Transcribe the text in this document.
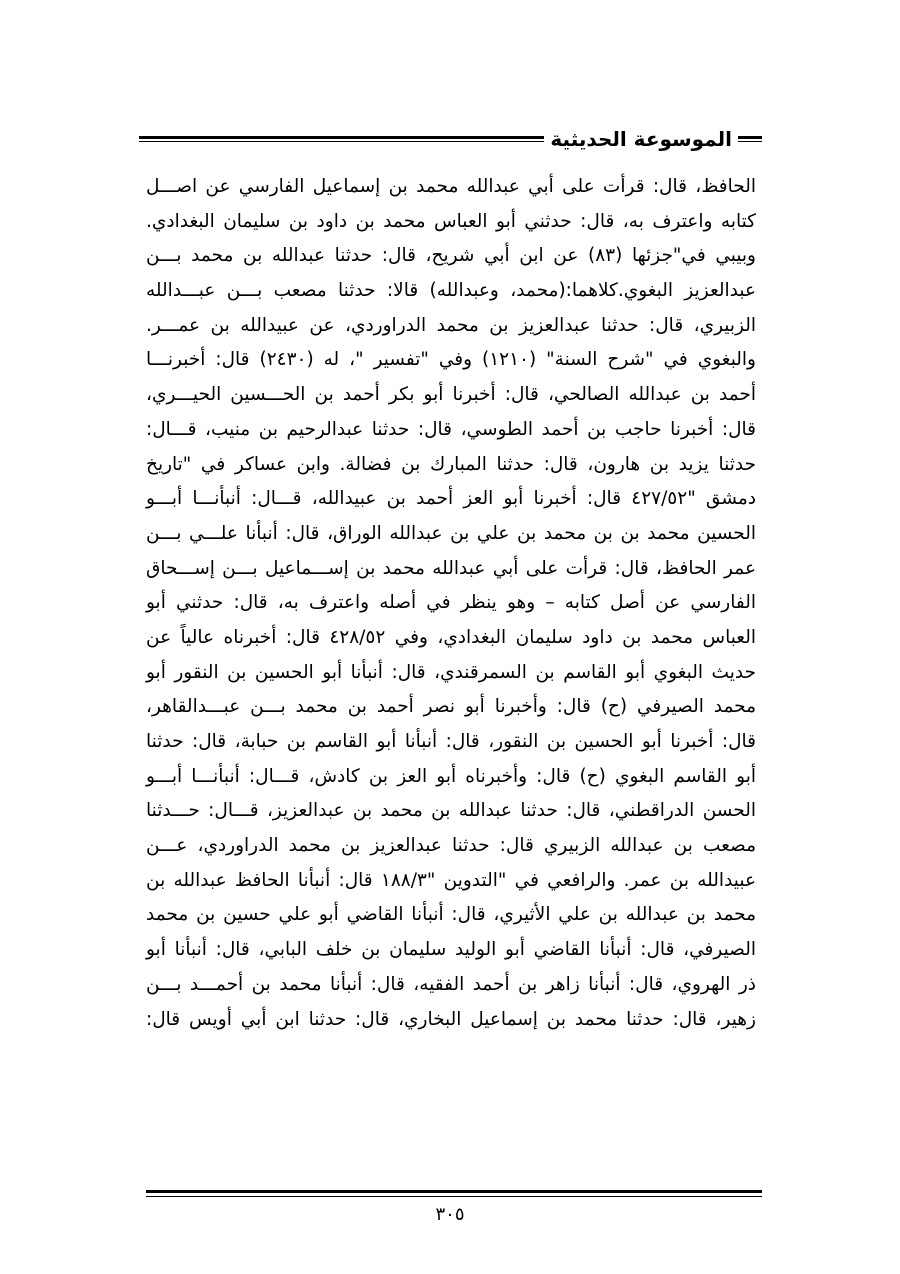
الموسوعة الحديثية
الحافظ، قال: قرأت على أبي عبدالله محمد بن إسماعيل الفارسي عن اصـــل
كتابه واعترف به، قال: حدثني أبو العباس محمد بن داود بن سليمان البغدادي.
وبيبي في"جزئها (٨٣) عن ابن أبي شريح، قال: حدثنا عبدالله بن محمد بـــن
عبدالعزيز البغوي.كلاهما:(محمد، وعبدالله) قالا: حدثنا مصعب بـــن عبـــدالله
الزبيري، قال: حدثنا عبدالعزيز بن محمد الدراوردي، عن عبيدالله بن عمـــر.
والبغوي في "شرح السنة" (١٢١٠) وفي "تفسير "، له (٢٤٣٠) قال: أخبرنـــا
أحمد بن عبدالله الصالحي، قال: أخبرنا أبو بكر أحمد بن الحـــسين الحيـــري،
قال: أخبرنا حاجب بن أحمد الطوسي، قال: حدثنا عبدالرحيم بن منيب، قـــال:
حدثنا يزيد بن هارون، قال: حدثنا المبارك بن فضالة. وابن عساكر في "تاريخ
دمشق "٤٢٧/٥٢ قال: أخبرنا أبو العز أحمد بن عبيدالله، قـــال: أنبأنـــا أبـــو
الحسين محمد بن بن محمد بن علي بن عبدالله الوراق، قال: أنبأنا علـــي بـــن
عمر الحافظ، قال: قرأت على أبي عبدالله محمد بن إســـماعيل بـــن إســـحاق
الفارسي عن أصل كتابه – وهو ينظر في أصله واعترف به، قال: حدثني أبو
العباس محمد بن داود سليمان البغدادي، وفي ٤٢٨/٥٢ قال: أخبرناه عالياً عن
حديث البغوي أبو القاسم بن السمرقندي، قال: أنبأنا أبو الحسين بن النقور أبو
محمد الصيرفي (ح) قال: وأخبرنا أبو نصر أحمد بن محمد بـــن عبـــدالقاهر،
قال: أخبرنا أبو الحسين بن النقور، قال: أنبأنا أبو القاسم بن حبابة، قال: حدثنا
أبو القاسم البغوي (ح) قال: وأخبرناه أبو العز بن كادش، قـــال: أنبأنـــا أبـــو
الحسن الدراقطني، قال: حدثنا عبدالله بن محمد بن عبدالعزيز، قـــال: حـــدثنا
مصعب بن عبدالله الزبيري قال: حدثنا عبدالعزيز بن محمد الدراوردي، عـــن
عبيدالله بن عمر. والرافعي في "التدوين "١٨٨/٣ قال: أنبأنا الحافظ عبدالله بن
محمد بن عبدالله بن علي الأثيري، قال: أنبأنا القاضي أبو علي حسين بن محمد
الصيرفي، قال: أنبأنا القاضي أبو الوليد سليمان بن خلف البابي، قال: أنبأنا أبو
ذر الهروي، قال: أنبأنا زاهر بن أحمد الفقيه، قال: أنبأنا محمد بن أحمـــد بـــن
زهير، قال: حدثنا محمد بن إسماعيل البخاري، قال: حدثنا ابن أبي أويس قال:
٣٠٥
